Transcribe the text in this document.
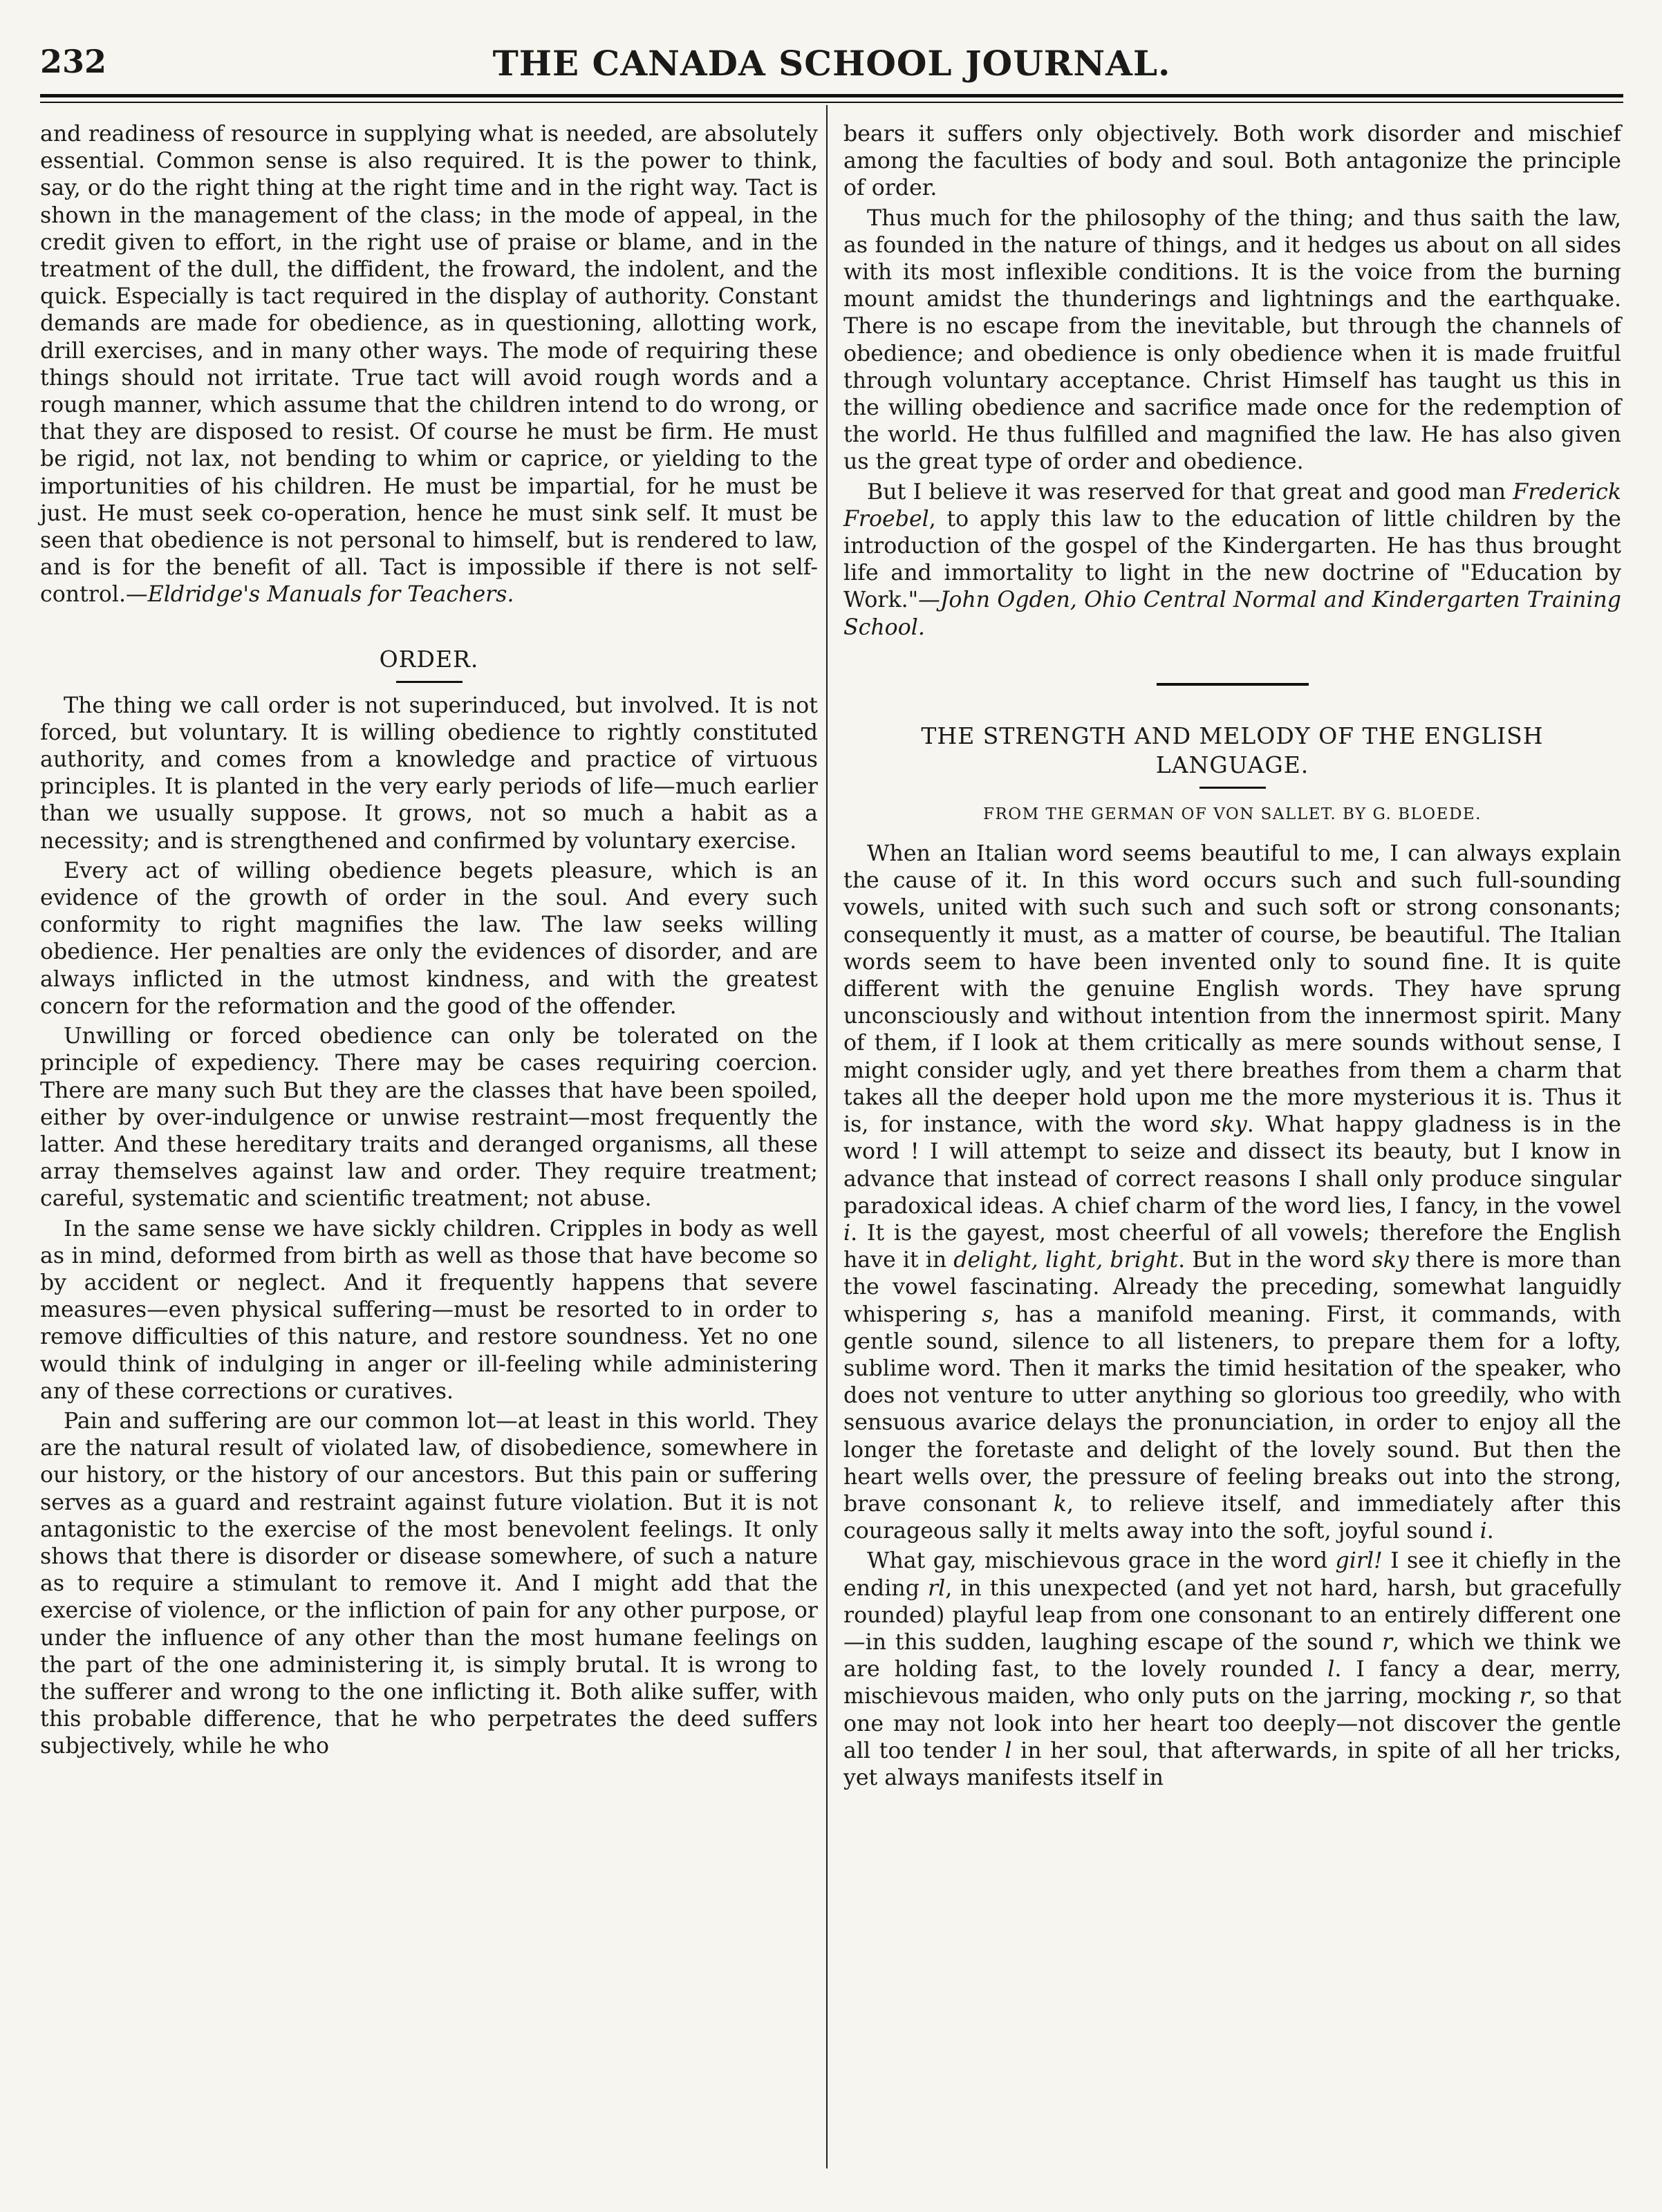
232	THE CANADA SCHOOL JOURNAL.

and readiness of resource in supplying what is needed, are absolutely essential. Common sense is also required. It is the power to think, say, or do the right thing at the right time and in the right way. Tact is shown in the management of the class; in the mode of appeal, in the credit given to effort, in the right use of praise or blame, and in the treatment of the dull, the diffident, the froward, the indolent, and the quick. Especially is tact required in the display of authority. Constant demands are made for obedience, as in questioning, allotting work, drill exercises, and in many other ways. The mode of requiring these things should not irritate. True tact will avoid rough words and a rough manner, which assume that the children intend to do wrong, or that they are disposed to resist. Of course he must be firm. He must be rigid, not lax, not bending to whim or caprice, or yielding to the importunities of his children. He must be impartial, for he must be just. He must seek co-operation, hence he must sink self. It must be seen that obedience is not personal to himself, but is rendered to law, and is for the benefit of all. Tact is impossible if there is not self-control.—Eldridge's Manuals for Teachers.

ORDER.

The thing we call order is not superinduced, but involved. It is not forced, but voluntary. It is willing obedience to rightly constituted authority, and comes from a knowledge and practice of virtuous principles. It is planted in the very early periods of life—much earlier than we usually suppose. It grows, not so much a habit as a necessity; and is strengthened and confirmed by voluntary exercise.

Every act of willing obedience begets pleasure, which is an evidence of the growth of order in the soul. And every such conformity to right magnifies the law. The law seeks willing obedience. Her penalties are only the evidences of disorder, and are always inflicted in the utmost kindness, and with the greatest concern for the reformation and the good of the offender.

Unwilling or forced obedience can only be tolerated on the principle of expediency. There may be cases requiring coercion. There are many such But they are the classes that have been spoiled, either by over-indulgence or unwise restraint—most frequently the latter. And these hereditary traits and deranged organisms, all these array themselves against law and order. They require treatment; careful, systematic and scientific treatment; not abuse.

In the same sense we have sickly children. Cripples in body as well as in mind, deformed from birth as well as those that have become so by accident or neglect. And it frequently happens that severe measures—even physical suffering—must be resorted to in order to remove difficulties of this nature, and restore soundness. Yet no one would think of indulging in anger or ill-feeling while administering any of these corrections or curatives.

Pain and suffering are our common lot—at least in this world. They are the natural result of violated law, of disobedience, somewhere in our history, or the history of our ancestors. But this pain or suffering serves as a guard and restraint against future violation. But it is not antagonistic to the exercise of the most benevolent feelings. It only shows that there is disorder or disease somewhere, of such a nature as to require a stimulant to remove it. And I might add that the exercise of violence, or the infliction of pain for any other purpose, or under the influence of any other than the most humane feelings on the part of the one administering it, is simply brutal. It is wrong to the sufferer and wrong to the one inflicting it. Both alike suffer, with this probable difference, that he who perpetrates the deed suffers subjectively, while he who

bears it suffers only objectively. Both work disorder and mischief among the faculties of body and soul. Both antagonize the principle of order.

Thus much for the philosophy of the thing; and thus saith the law, as founded in the nature of things, and it hedges us about on all sides with its most inflexible conditions. It is the voice from the burning mount amidst the thunderings and lightnings and the earthquake. There is no escape from the inevitable, but through the channels of obedience; and obedience is only obedience when it is made fruitful through voluntary acceptance. Christ Himself has taught us this in the willing obedience and sacrifice made once for the redemption of the world. He thus fulfilled and magnified the law. He has also given us the great type of order and obedience.

But I believe it was reserved for that great and good man Frederick Froebel, to apply this law to the education of little children by the introduction of the gospel of the Kindergarten. He has thus brought life and immortality to light in the new doctrine of "Education by Work."—John Ogden, Ohio Central Normal and Kindergarten Training School.

THE STRENGTH AND MELODY OF THE ENGLISH LANGUAGE.
FROM THE GERMAN OF VON SALLET. BY G. BLOEDE.

When an Italian word seems beautiful to me, I can always explain the cause of it. In this word occurs such and such full-sounding vowels, united with such such and such soft or strong consonants; consequently it must, as a matter of course, be beautiful. The Italian words seem to have been invented only to sound fine. It is quite different with the genuine English words. They have sprung unconsciously and without intention from the innermost spirit. Many of them, if I look at them critically as mere sounds without sense, I might consider ugly, and yet there breathes from them a charm that takes all the deeper hold upon me the more mysterious it is. Thus it is, for instance, with the word sky. What happy gladness is in the word ! I will attempt to seize and dissect its beauty, but I know in advance that instead of correct reasons I shall only produce singular paradoxical ideas. A chief charm of the word lies, I fancy, in the vowel i. It is the gayest, most cheerful of all vowels; therefore the English have it in delight, light, bright. But in the word sky there is more than the vowel fascinating. Already the preceding, somewhat languidly whispering s, has a manifold meaning. First, it commands, with gentle sound, silence to all listeners, to prepare them for a lofty, sublime word. Then it marks the timid hesitation of the speaker, who does not venture to utter anything so glorious too greedily, who with sensuous avarice delays the pronunciation, in order to enjoy all the longer the foretaste and delight of the lovely sound. But then the heart wells over, the pressure of feeling breaks out into the strong, brave consonant k, to relieve itself, and immediately after this courageous sally it melts away into the soft, joyful sound i.

What gay, mischievous grace in the word girl! I see it chiefly in the ending rl, in this unexpected (and yet not hard, harsh, but gracefully rounded) playful leap from one consonant to an entirely different one—in this sudden, laughing escape of the sound r, which we think we are holding fast, to the lovely rounded l. I fancy a dear, merry, mischievous maiden, who only puts on the jarring, mocking r, so that one may not look into her heart too deeply—not discover the gentle all too tender l in her soul, that afterwards, in spite of all her tricks, yet always manifests itself in
